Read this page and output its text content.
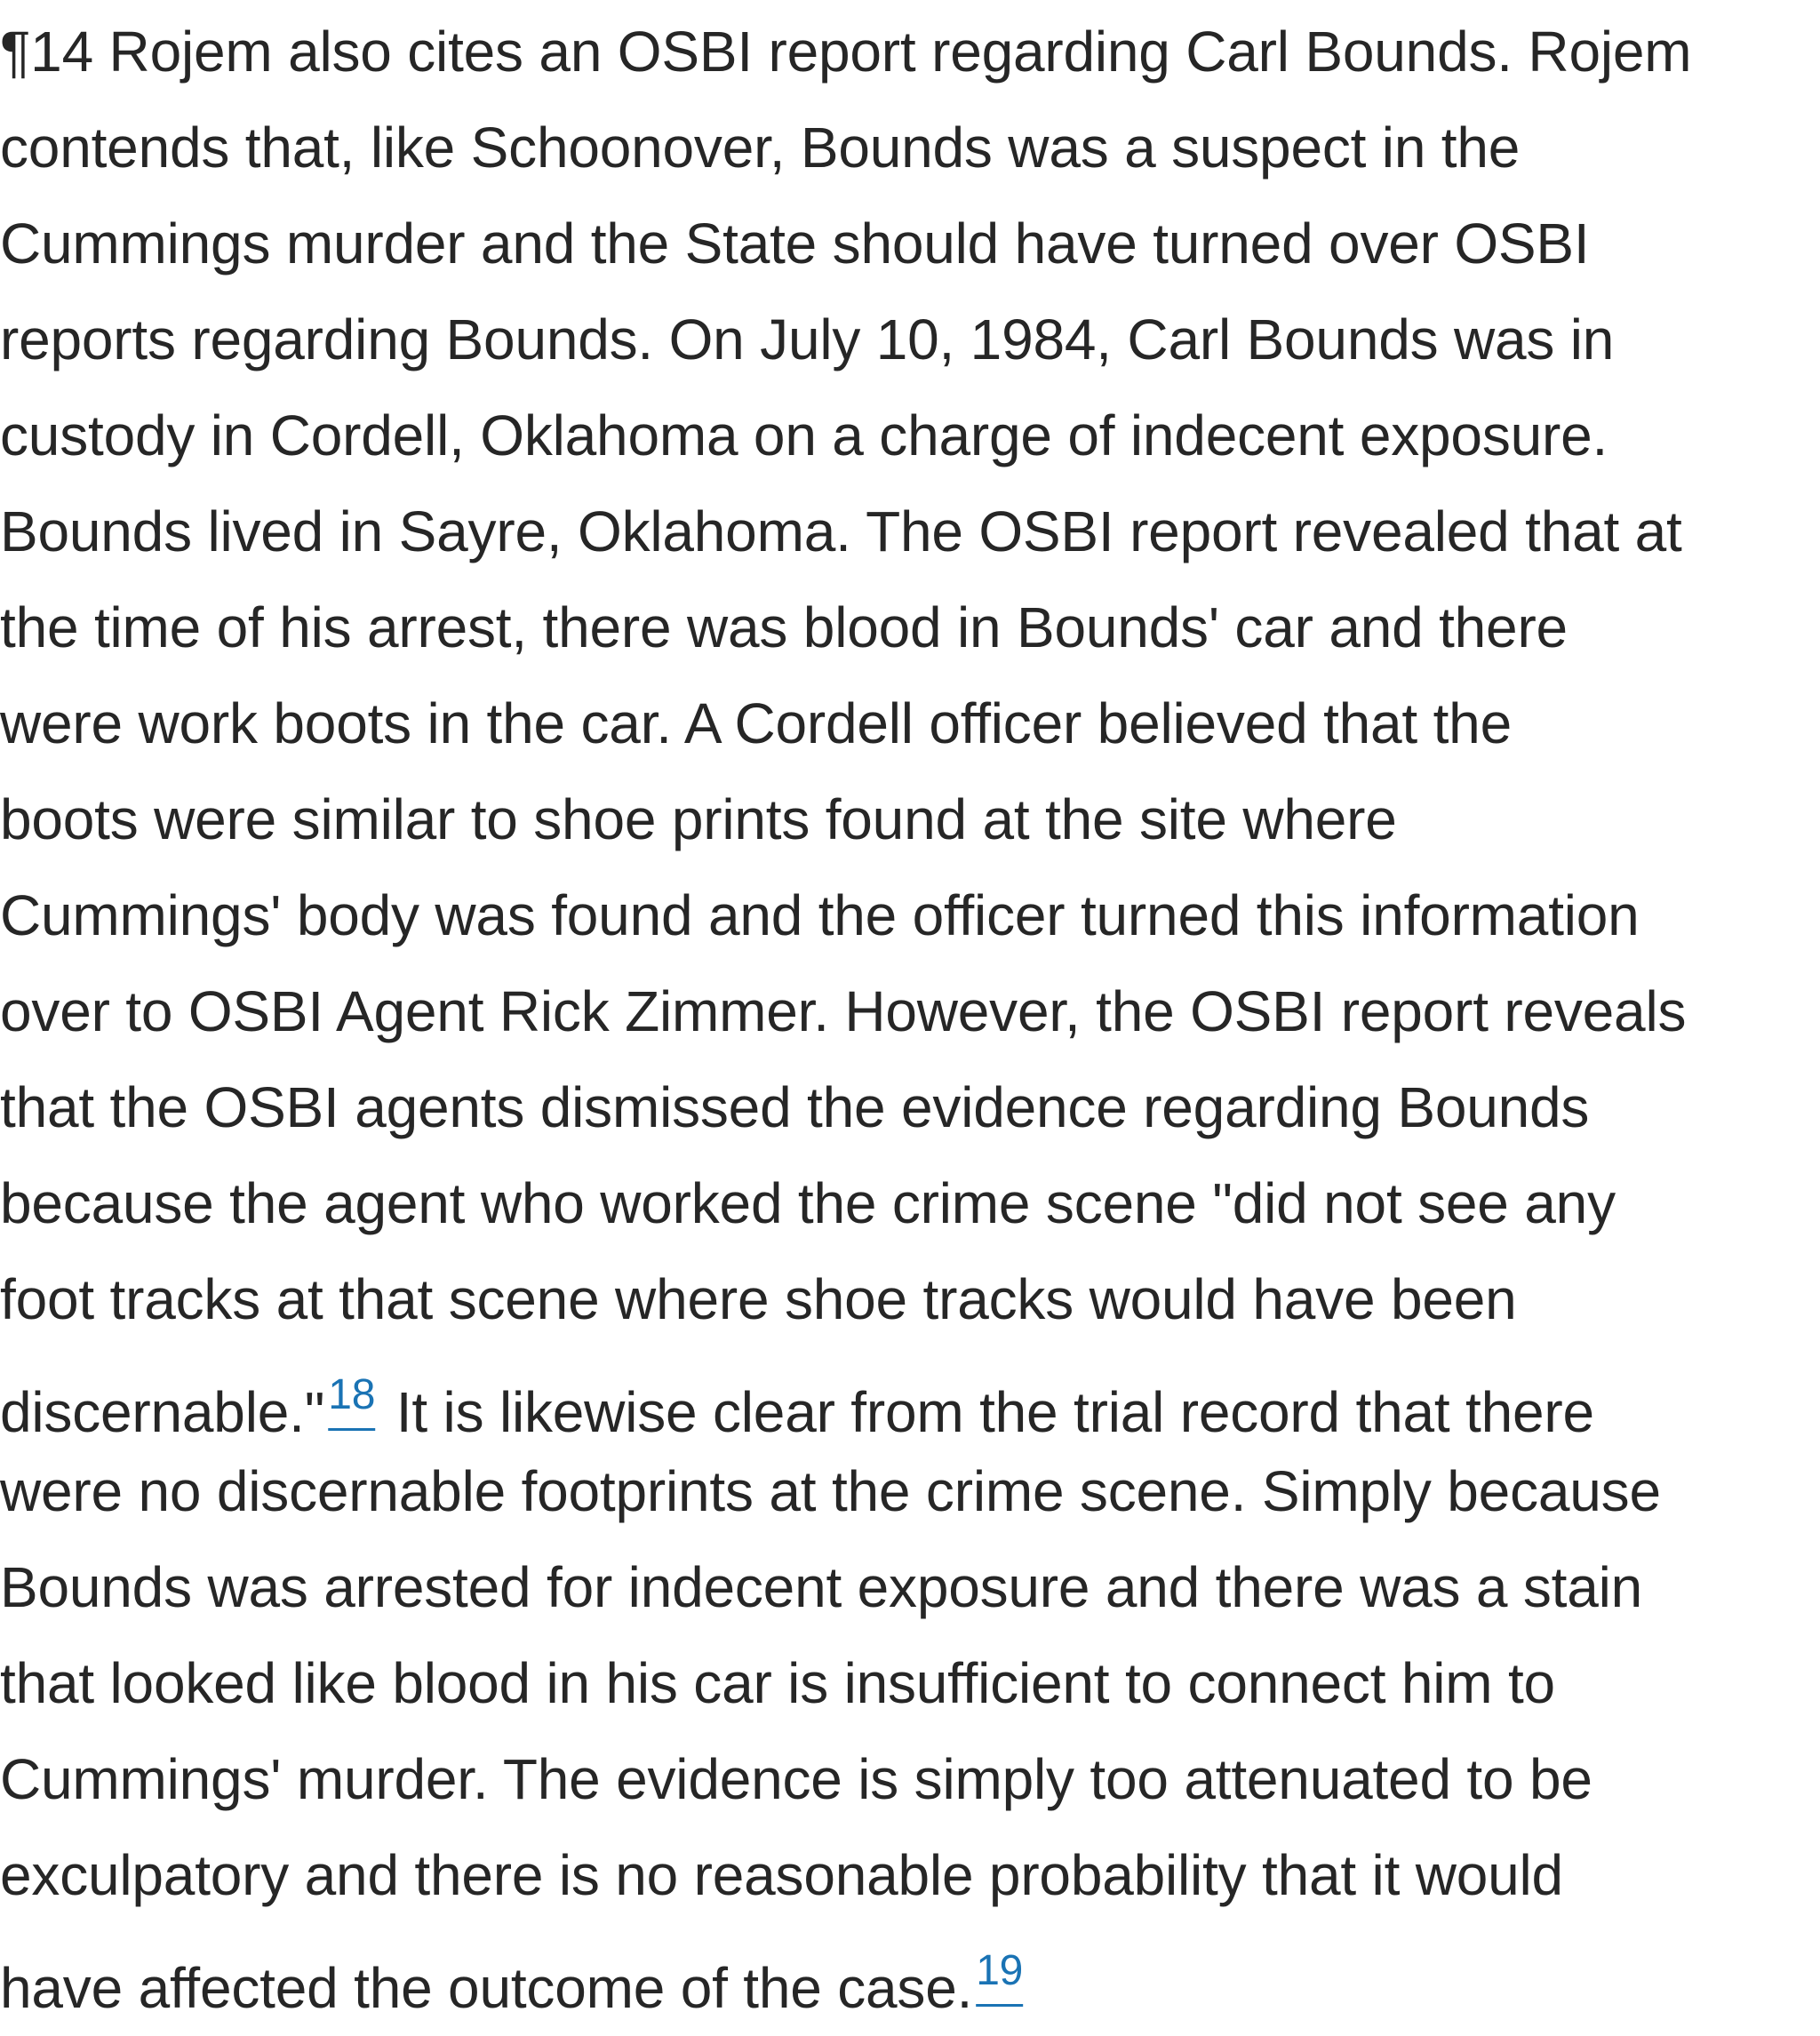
¶14 Rojem also cites an OSBI report regarding Carl Bounds. Rojem
contends that, like Schoonover, Bounds was a suspect in the
Cummings murder and the State should have turned over OSBI
reports regarding Bounds. On July 10, 1984, Carl Bounds was in
custody in Cordell, Oklahoma on a charge of indecent exposure.
Bounds lived in Sayre, Oklahoma. The OSBI report revealed that at
the time of his arrest, there was blood in Bounds' car and there
were work boots in the car. A Cordell officer believed that the
boots were similar to shoe prints found at the site where
Cummings' body was found and the officer turned this information
over to OSBI Agent Rick Zimmer. However, the OSBI report reveals
that the OSBI agents dismissed the evidence regarding Bounds
because the agent who worked the crime scene "did not see any
foot tracks at that scene where shoe tracks would have been
discernable."$^{18}$ It is likewise clear from the trial record that there
were no discernable footprints at the crime scene. Simply because
Bounds was arrested for indecent exposure and there was a stain
that looked like blood in his car is insufficient to connect him to
Cummings' murder. The evidence is simply too attenuated to be
exculpatory and there is no reasonable probability that it would
have affected the outcome of the case.$^{19}$
